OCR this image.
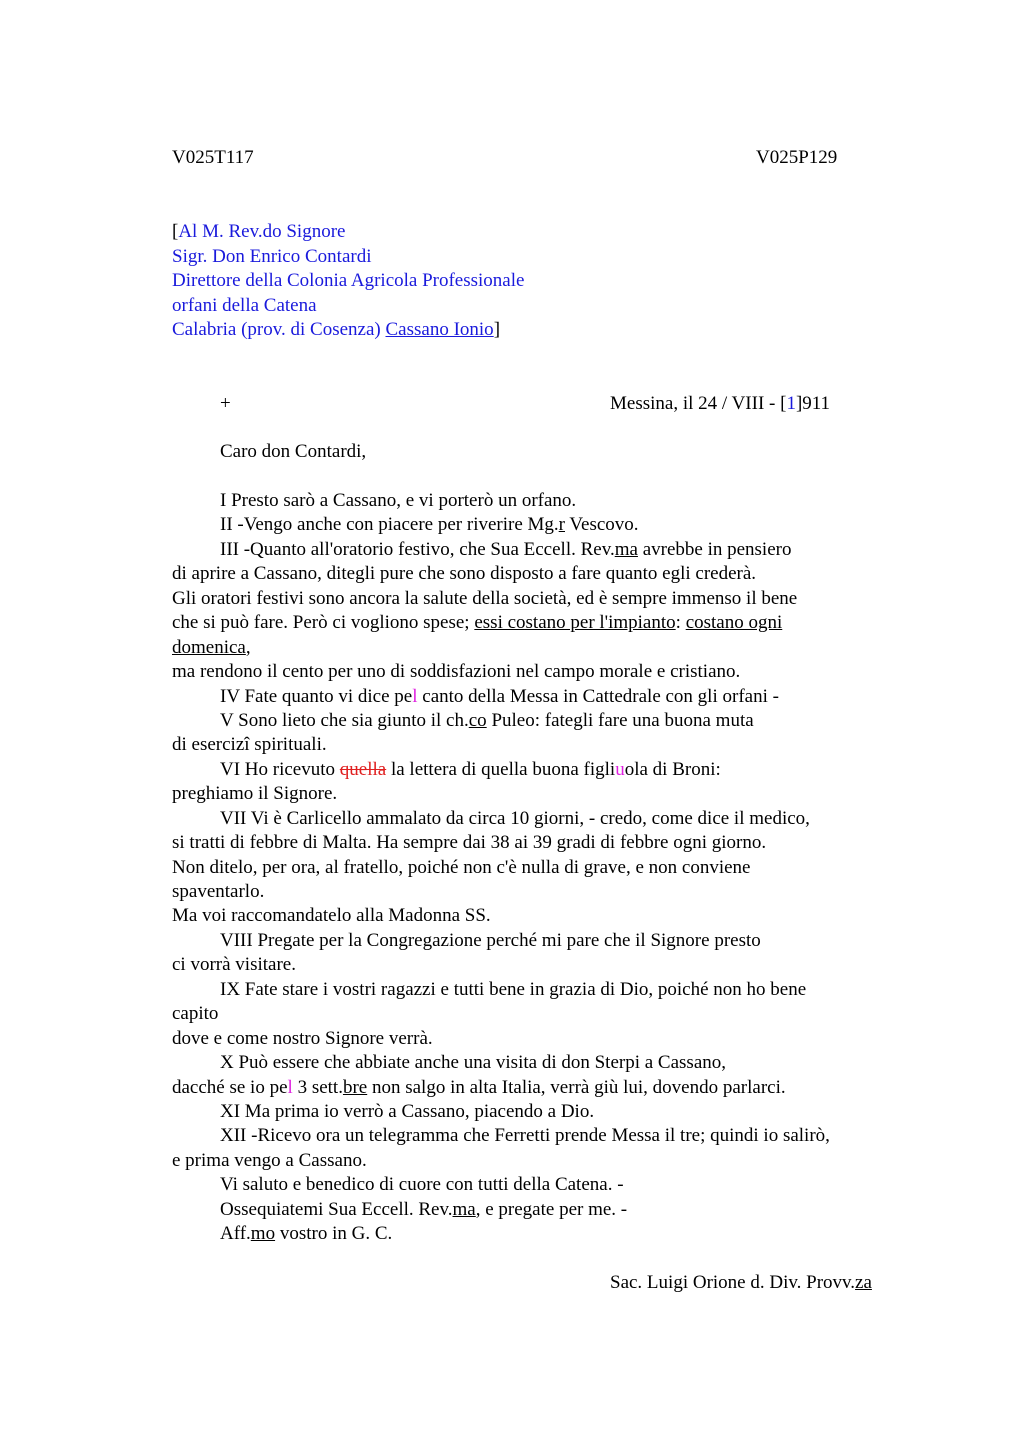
V025T117	V025P129
[Al M. Rev.do Signore
Sigr. Don Enrico Contardi
Direttore della Colonia Agricola Professionale
orfani della Catena
Calabria (prov. di Cosenza) Cassano Ionio]
+	Messina, il 24 / VIII - [1]911
Caro don Contardi,
I Presto sarò a Cassano, e vi porterò un orfano.
II -Vengo anche con piacere per riverire Mg.r Vescovo.
III -Quanto all'oratorio festivo, che Sua Eccell. Rev.ma avrebbe in pensiero
di aprire a Cassano, ditegli pure che sono disposto a fare quanto egli crederà.
Gli oratori festivi sono ancora la salute della società, ed è sempre immenso il bene
che si può fare. Però ci vogliono spese; essi costano per l'impianto: costano ogni
domenica,
ma rendono il cento per uno di soddisfazioni nel campo morale e cristiano.
IV Fate quanto vi dice pel canto della Messa in Cattedrale con gli orfani -
V Sono lieto che sia giunto il ch.co Puleo: fategli fare una buona muta
di esercizî spirituali.
VI Ho ricevuto quella la lettera di quella buona figliuola di Broni:
preghiamo il Signore.
VII Vi è Carlicello ammalato da circa 10 giorni, - credo, come dice il medico,
si tratti di febbre di Malta. Ha sempre dai 38 ai 39 gradi di febbre ogni giorno.
Non ditelo, per ora, al fratello, poiché non c'è nulla di grave, e non conviene
spaventarlo.
Ma voi raccomandatelo alla Madonna SS.
VIII Pregate per la Congregazione perché mi pare che il Signore presto
ci vorrà visitare.
IX Fate stare i vostri ragazzi e tutti bene in grazia di Dio, poiché non ho bene
capito
dove e come nostro Signore verrà.
X Può essere che abbiate anche una visita di don Sterpi a Cassano,
dacché se io pel 3 sett.bre non salgo in alta Italia, verrà giù lui, dovendo parlarci.
XI Ma prima io verrò a Cassano, piacendo a Dio.
XII -Ricevo ora un telegramma che Ferretti prende Messa il tre; quindi io salirò,
e prima vengo a Cassano.
Vi saluto e benedico di cuore con tutti della Catena. -
Ossequiatemi Sua Eccell. Rev.ma, e pregate per me. -
Aff.mo vostro in G. C.
Sac. Luigi Orione d. Div. Provv.za
